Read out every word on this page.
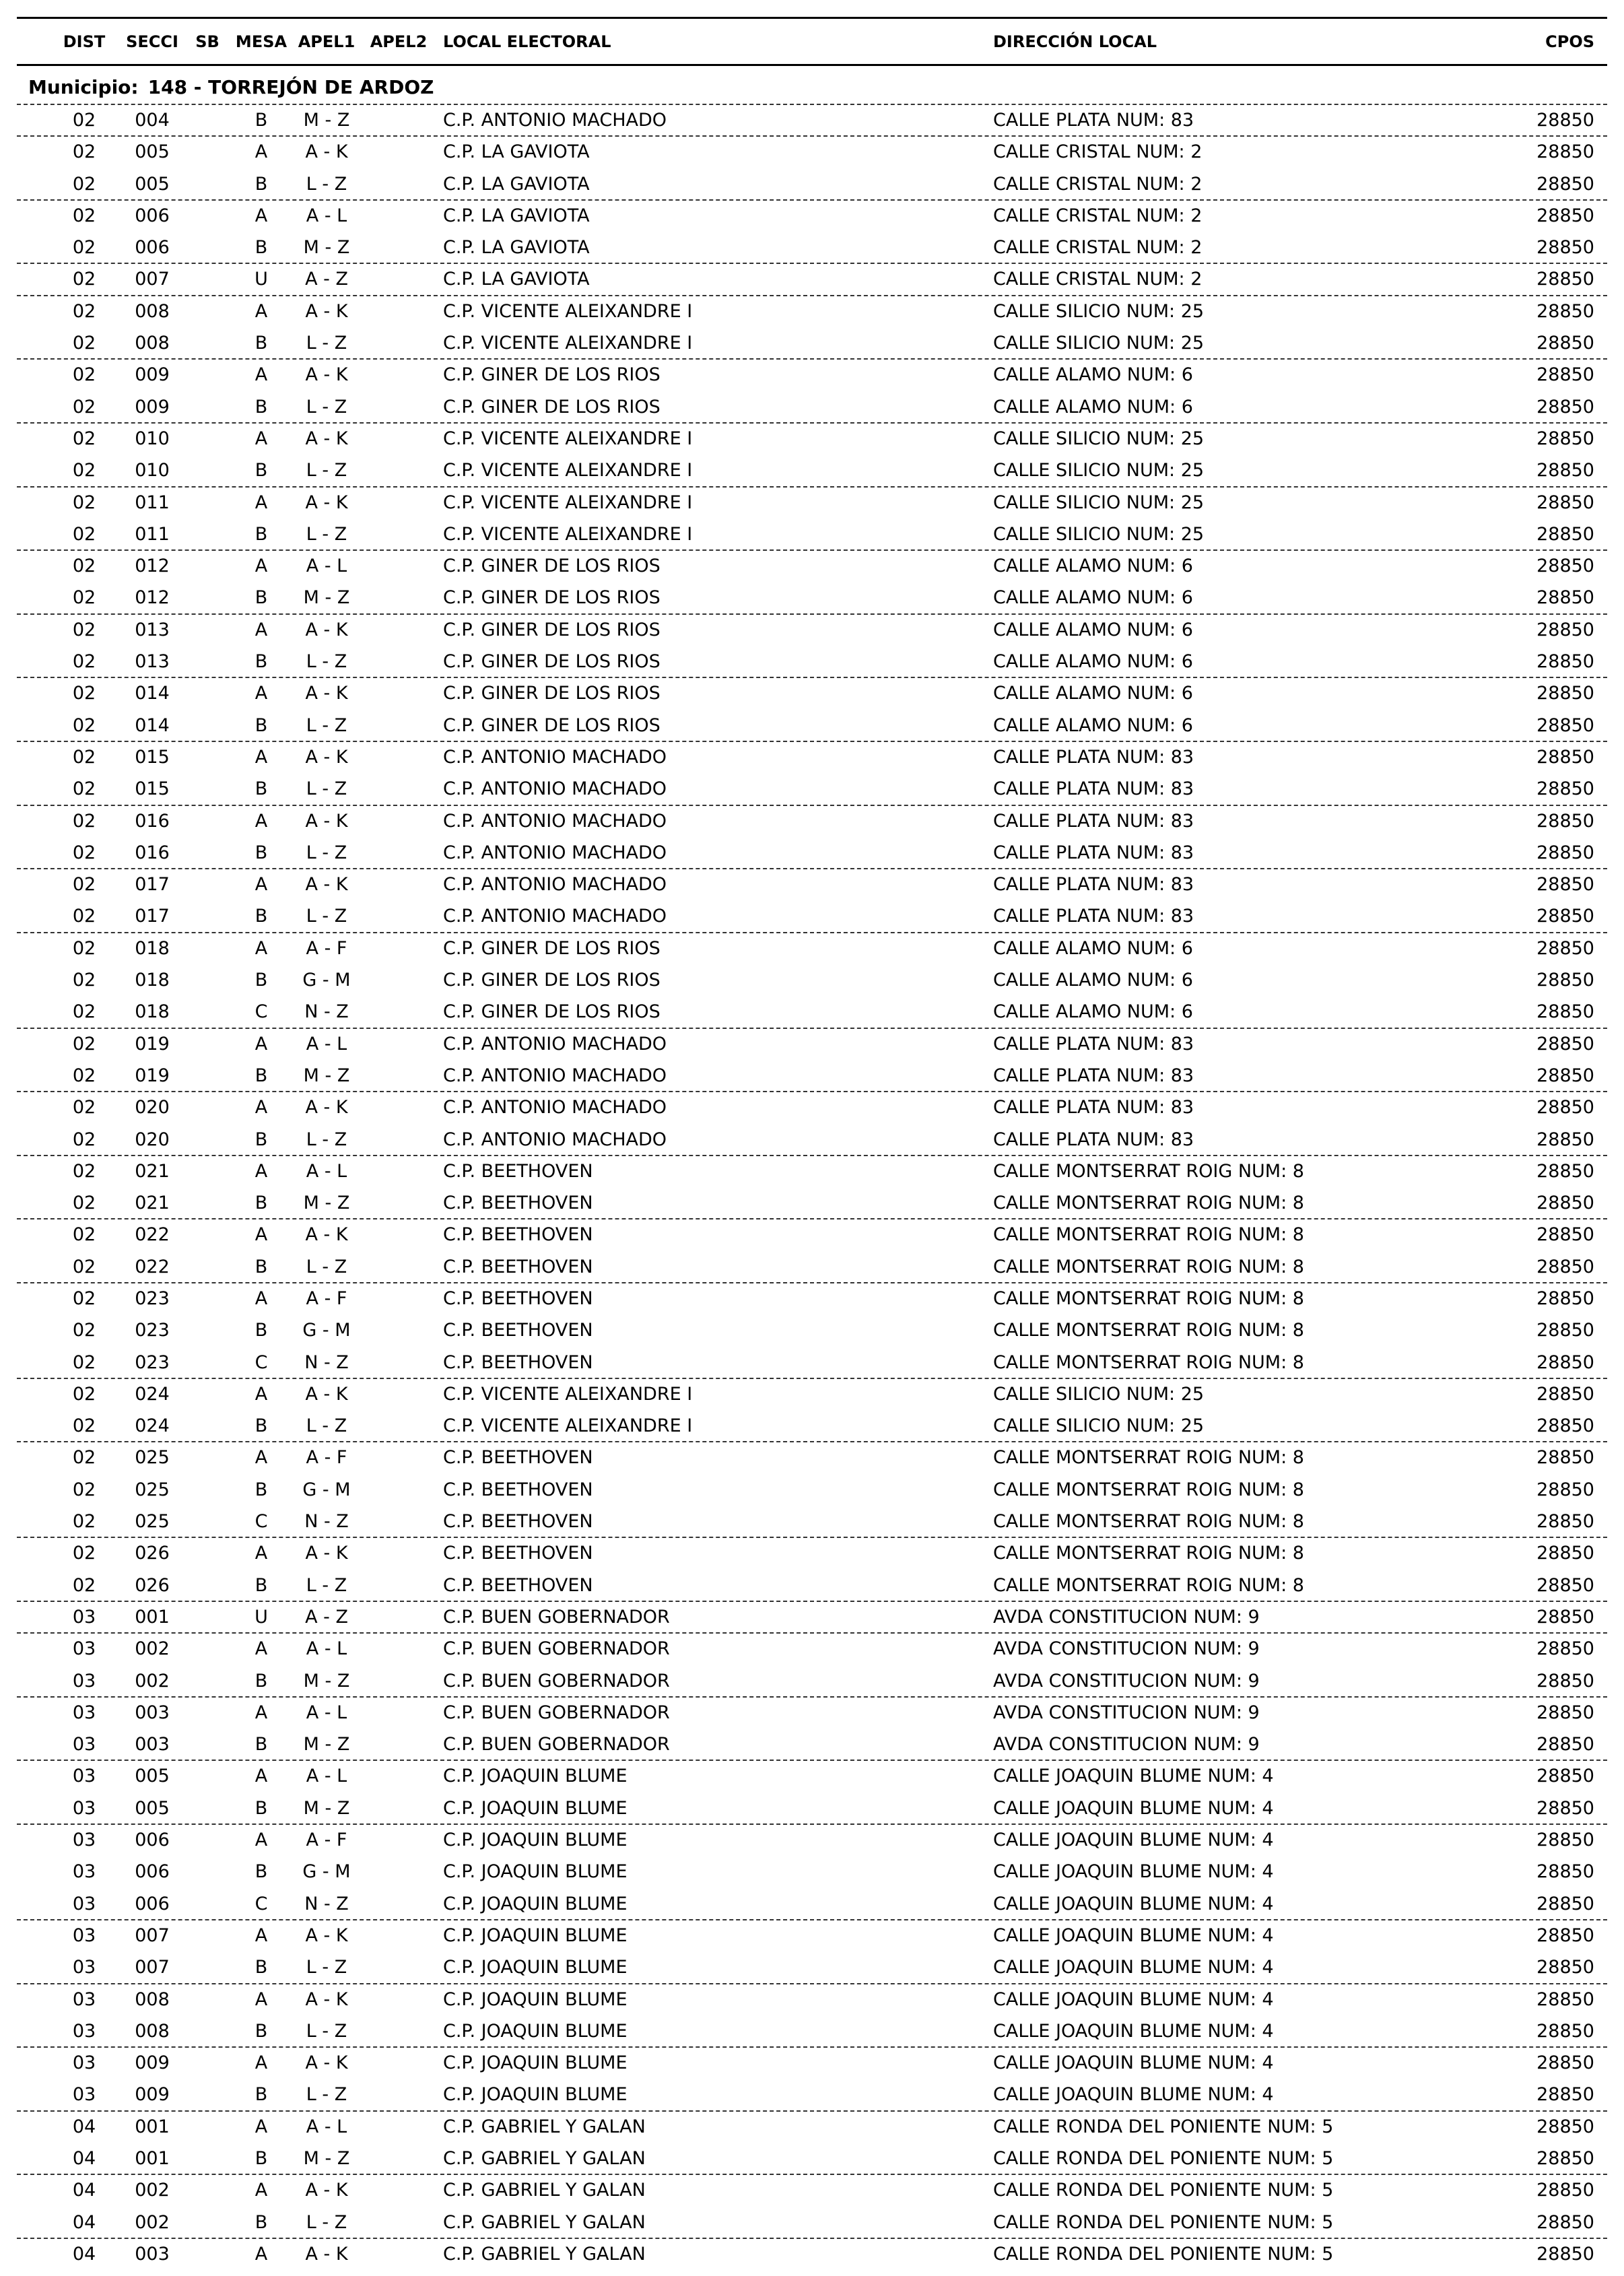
DIST SECCI SB MESA APEL1 APEL2 LOCAL ELECTORAL	DIRECCIÓN LOCAL	CPOS
Municipio: 148 - TORREJÓN DE ARDOZ
02 004	B M - Z	C.P. ANTONIO MACHADO	CALLE PLATA NUM: 83	28850
02 005	A A - K	C.P. LA GAVIOTA	CALLE CRISTAL NUM: 2	28850
02 005	B L - Z	C.P. LA GAVIOTA	CALLE CRISTAL NUM: 2	28850
02 006	A A - L	C.P. LA GAVIOTA	CALLE CRISTAL NUM: 2	28850
02 006	B M - Z	C.P. LA GAVIOTA	CALLE CRISTAL NUM: 2	28850
02 007	U A - Z	C.P. LA GAVIOTA	CALLE CRISTAL NUM: 2	28850
02 008	A A - K	C.P. VICENTE ALEIXANDRE I	CALLE SILICIO NUM: 25	28850
02 008	B L - Z	C.P. VICENTE ALEIXANDRE I	CALLE SILICIO NUM: 25	28850
02 009	A A - K	C.P. GINER DE LOS RIOS	CALLE ALAMO NUM: 6	28850
02 009	B L - Z	C.P. GINER DE LOS RIOS	CALLE ALAMO NUM: 6	28850
02 010	A A - K	C.P. VICENTE ALEIXANDRE I	CALLE SILICIO NUM: 25	28850
02 010	B L - Z	C.P. VICENTE ALEIXANDRE I	CALLE SILICIO NUM: 25	28850
02 011	A A - K	C.P. VICENTE ALEIXANDRE I	CALLE SILICIO NUM: 25	28850
02 011	B L - Z	C.P. VICENTE ALEIXANDRE I	CALLE SILICIO NUM: 25	28850
02 012	A A - L	C.P. GINER DE LOS RIOS	CALLE ALAMO NUM: 6	28850
02 012	B M - Z	C.P. GINER DE LOS RIOS	CALLE ALAMO NUM: 6	28850
02 013	A A - K	C.P. GINER DE LOS RIOS	CALLE ALAMO NUM: 6	28850
02 013	B L - Z	C.P. GINER DE LOS RIOS	CALLE ALAMO NUM: 6	28850
02 014	A A - K	C.P. GINER DE LOS RIOS	CALLE ALAMO NUM: 6	28850
02 014	B L - Z	C.P. GINER DE LOS RIOS	CALLE ALAMO NUM: 6	28850
02 015	A A - K	C.P. ANTONIO MACHADO	CALLE PLATA NUM: 83	28850
02 015	B L - Z	C.P. ANTONIO MACHADO	CALLE PLATA NUM: 83	28850
02 016	A A - K	C.P. ANTONIO MACHADO	CALLE PLATA NUM: 83	28850
02 016	B L - Z	C.P. ANTONIO MACHADO	CALLE PLATA NUM: 83	28850
02 017	A A - K	C.P. ANTONIO MACHADO	CALLE PLATA NUM: 83	28850
02 017	B L - Z	C.P. ANTONIO MACHADO	CALLE PLATA NUM: 83	28850
02 018	A A - F	C.P. GINER DE LOS RIOS	CALLE ALAMO NUM: 6	28850
02 018	B G - M	C.P. GINER DE LOS RIOS	CALLE ALAMO NUM: 6	28850
02 018	C N - Z	C.P. GINER DE LOS RIOS	CALLE ALAMO NUM: 6	28850
02 019	A A - L	C.P. ANTONIO MACHADO	CALLE PLATA NUM: 83	28850
02 019	B M - Z	C.P. ANTONIO MACHADO	CALLE PLATA NUM: 83	28850
02 020	A A - K	C.P. ANTONIO MACHADO	CALLE PLATA NUM: 83	28850
02 020	B L - Z	C.P. ANTONIO MACHADO	CALLE PLATA NUM: 83	28850
02 021	A A - L	C.P. BEETHOVEN	CALLE MONTSERRAT ROIG NUM: 8	28850
02 021	B M - Z	C.P. BEETHOVEN	CALLE MONTSERRAT ROIG NUM: 8	28850
02 022	A A - K	C.P. BEETHOVEN	CALLE MONTSERRAT ROIG NUM: 8	28850
02 022	B L - Z	C.P. BEETHOVEN	CALLE MONTSERRAT ROIG NUM: 8	28850
02 023	A A - F	C.P. BEETHOVEN	CALLE MONTSERRAT ROIG NUM: 8	28850
02 023	B G - M	C.P. BEETHOVEN	CALLE MONTSERRAT ROIG NUM: 8	28850
02 023	C N - Z	C.P. BEETHOVEN	CALLE MONTSERRAT ROIG NUM: 8	28850
02 024	A A - K	C.P. VICENTE ALEIXANDRE I	CALLE SILICIO NUM: 25	28850
02 024	B L - Z	C.P. VICENTE ALEIXANDRE I	CALLE SILICIO NUM: 25	28850
02 025	A A - F	C.P. BEETHOVEN	CALLE MONTSERRAT ROIG NUM: 8	28850
02 025	B G - M	C.P. BEETHOVEN	CALLE MONTSERRAT ROIG NUM: 8	28850
02 025	C N - Z	C.P. BEETHOVEN	CALLE MONTSERRAT ROIG NUM: 8	28850
02 026	A A - K	C.P. BEETHOVEN	CALLE MONTSERRAT ROIG NUM: 8	28850
02 026	B L - Z	C.P. BEETHOVEN	CALLE MONTSERRAT ROIG NUM: 8	28850
03 001	U A - Z	C.P. BUEN GOBERNADOR	AVDA CONSTITUCION NUM: 9	28850
03 002	A A - L	C.P. BUEN GOBERNADOR	AVDA CONSTITUCION NUM: 9	28850
03 002	B M - Z	C.P. BUEN GOBERNADOR	AVDA CONSTITUCION NUM: 9	28850
03 003	A A - L	C.P. BUEN GOBERNADOR	AVDA CONSTITUCION NUM: 9	28850
03 003	B M - Z	C.P. BUEN GOBERNADOR	AVDA CONSTITUCION NUM: 9	28850
03 005	A A - L	C.P. JOAQUIN BLUME	CALLE JOAQUIN BLUME NUM: 4	28850
03 005	B M - Z	C.P. JOAQUIN BLUME	CALLE JOAQUIN BLUME NUM: 4	28850
03 006	A A - F	C.P. JOAQUIN BLUME	CALLE JOAQUIN BLUME NUM: 4	28850
03 006	B G - M	C.P. JOAQUIN BLUME	CALLE JOAQUIN BLUME NUM: 4	28850
03 006	C N - Z	C.P. JOAQUIN BLUME	CALLE JOAQUIN BLUME NUM: 4	28850
03 007	A A - K	C.P. JOAQUIN BLUME	CALLE JOAQUIN BLUME NUM: 4	28850
03 007	B L - Z	C.P. JOAQUIN BLUME	CALLE JOAQUIN BLUME NUM: 4	28850
03 008	A A - K	C.P. JOAQUIN BLUME	CALLE JOAQUIN BLUME NUM: 4	28850
03 008	B L - Z	C.P. JOAQUIN BLUME	CALLE JOAQUIN BLUME NUM: 4	28850
03 009	A A - K	C.P. JOAQUIN BLUME	CALLE JOAQUIN BLUME NUM: 4	28850
03 009	B L - Z	C.P. JOAQUIN BLUME	CALLE JOAQUIN BLUME NUM: 4	28850
04 001	A A - L	C.P. GABRIEL Y GALAN	CALLE RONDA DEL PONIENTE NUM: 5	28850
04 001	B M - Z	C.P. GABRIEL Y GALAN	CALLE RONDA DEL PONIENTE NUM: 5	28850
04 002	A A - K	C.P. GABRIEL Y GALAN	CALLE RONDA DEL PONIENTE NUM: 5	28850
04 002	B L - Z	C.P. GABRIEL Y GALAN	CALLE RONDA DEL PONIENTE NUM: 5	28850
04 003	A A - K	C.P. GABRIEL Y GALAN	CALLE RONDA DEL PONIENTE NUM: 5	28850
